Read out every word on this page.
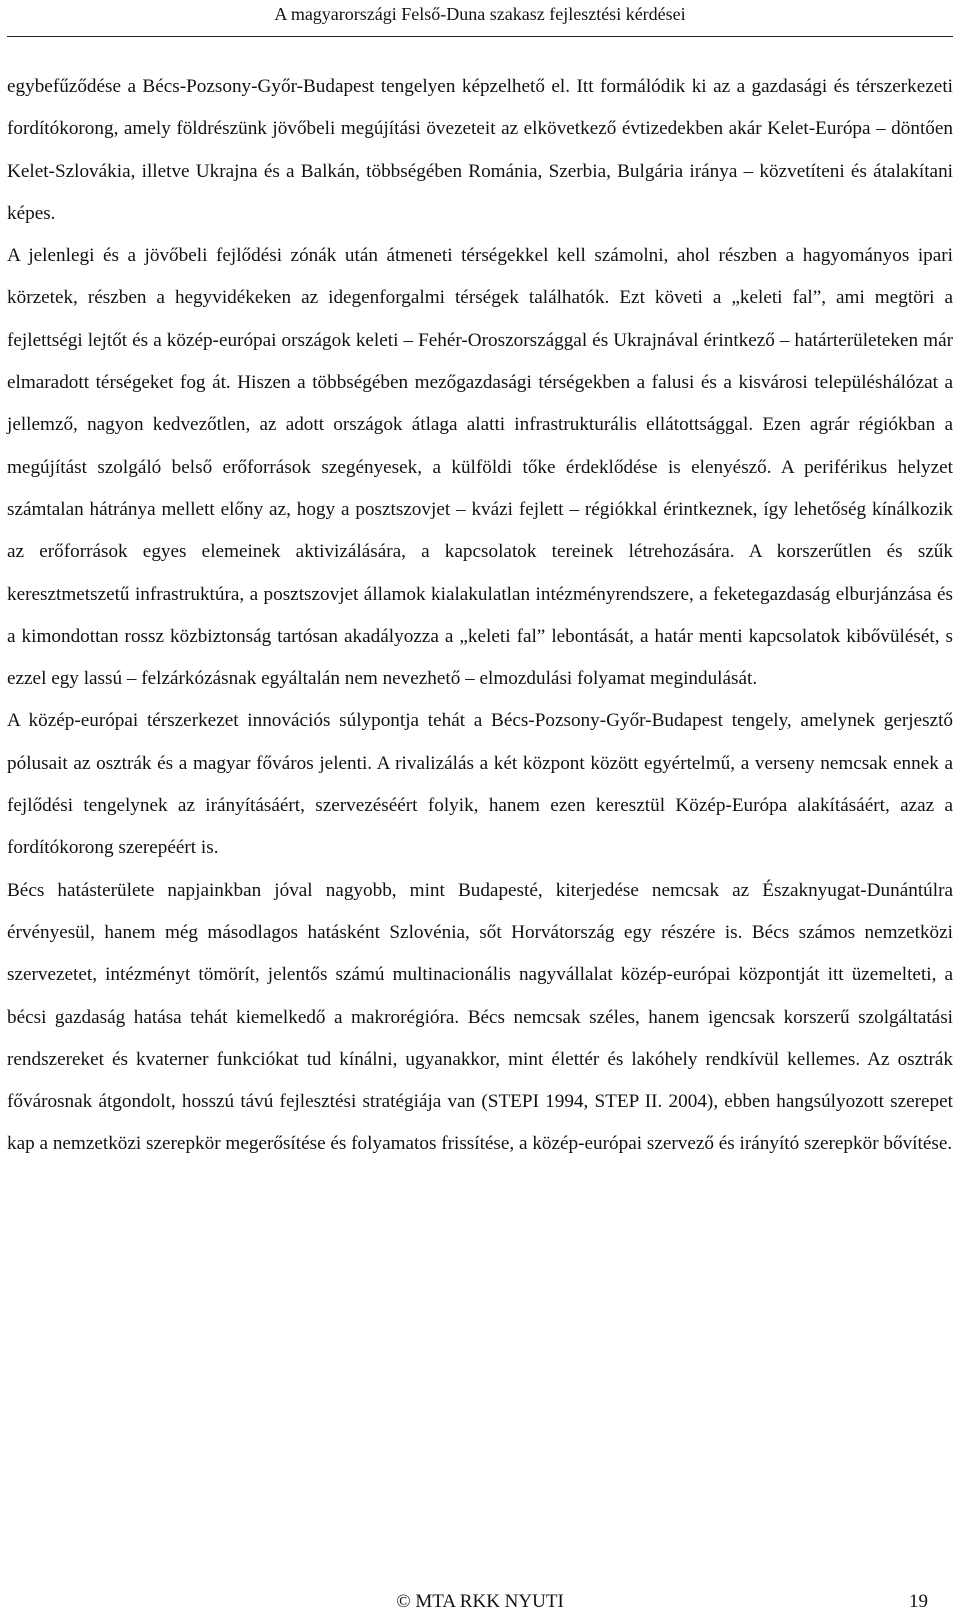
A magyarországi Felső-Duna szakasz fejlesztési kérdései

egybefűződése a Bécs-Pozsony-Győr-Budapest tengelyen képzelhető el. Itt formálódik ki az a gazdasági és térszerkezeti fordítókorong, amely földrészünk jövőbeli megújítási övezeteit az elkövetkező évtizedekben akár Kelet-Európa – döntően Kelet-Szlovákia, illetve Ukrajna és a Balkán, többségében Románia, Szerbia, Bulgária iránya – közvetíteni és átalakítani képes.

A jelenlegi és a jövőbeli fejlődési zónák után átmeneti térségekkel kell számolni, ahol részben a hagyományos ipari körzetek, részben a hegyvidékeken az idegenforgalmi térségek találhatók. Ezt követi a „keleti fal”, ami megtöri a fejlettségi lejtőt és a közép-európai országok keleti – Fehér-Oroszországgal és Ukrajnával érintkező – határterületeken már elmaradott térségeket fog át. Hiszen a többségében mezőgazdasági térségekben a falusi és a kisvárosi településhálózat a jellemző, nagyon kedvezőtlen, az adott országok átlaga alatti infrastrukturális ellátottsággal. Ezen agrár régiókban a megújítást szolgáló belső erőforrások szegényesek, a külföldi tőke érdeklődése is elenyésző. A periférikus helyzet számtalan hátránya mellett előny az, hogy a posztszovjet – kvázi fejlett – régiókkal érintkeznek, így lehetőség kínálkozik az erőforrások egyes elemeinek aktivizálására, a kapcsolatok tereinek létrehozására. A korszerűtlen és szűk keresztmetszetű infrastruktúra, a posztszovjet államok kialakulatlan intézményrendszere, a feketegazdaság elburjánzása és a kimondottan rossz közbiztonság tartósan akadályozza a „keleti fal” lebontását, a határ menti kapcsolatok kibővülését, s ezzel egy lassú – felzárkózásnak egyáltalán nem nevezhető – elmozdulási folyamat megindulását.

A közép-európai térszerkezet innovációs súlypontja tehát a Bécs-Pozsony-Győr-Budapest tengely, amelynek gerjesztő pólusait az osztrák és a magyar főváros jelenti. A rivalizálás a két központ között egyértelmű, a verseny nemcsak ennek a fejlődési tengelynek az irányításáért, szervezéséért folyik, hanem ezen keresztül Közép-Európa alakításáért, azaz a fordítókorong szerepéért is.

Bécs hatásterülete napjainkban jóval nagyobb, mint Budapesté, kiterjedése nemcsak az Északnyugat-Dunántúlra érvényesül, hanem még másodlagos hatásként Szlovénia, sőt Horvátország egy részére is. Bécs számos nemzetközi szervezetet, intézményt tömörít, jelentős számú multinacionális nagyvállalat közép-európai központját itt üzemelteti, a bécsi gazdaság hatása tehát kiemelkedő a makrorégióra. Bécs nemcsak széles, hanem igencsak korszerű szolgáltatási rendszereket és kvaterner funkciókat tud kínálni, ugyanakkor, mint élettér és lakóhely rendkívül kellemes. Az osztrák fővárosnak átgondolt, hosszú távú fejlesztési stratégiája van (STEPI 1994, STEP II. 2004), ebben hangsúlyozott szerepet kap a nemzetközi szerepkör megerősítése és folyamatos frissítése, a közép-európai szervező és irányító szerepkör bővítése.

© MTA RKK NYUTI	19
